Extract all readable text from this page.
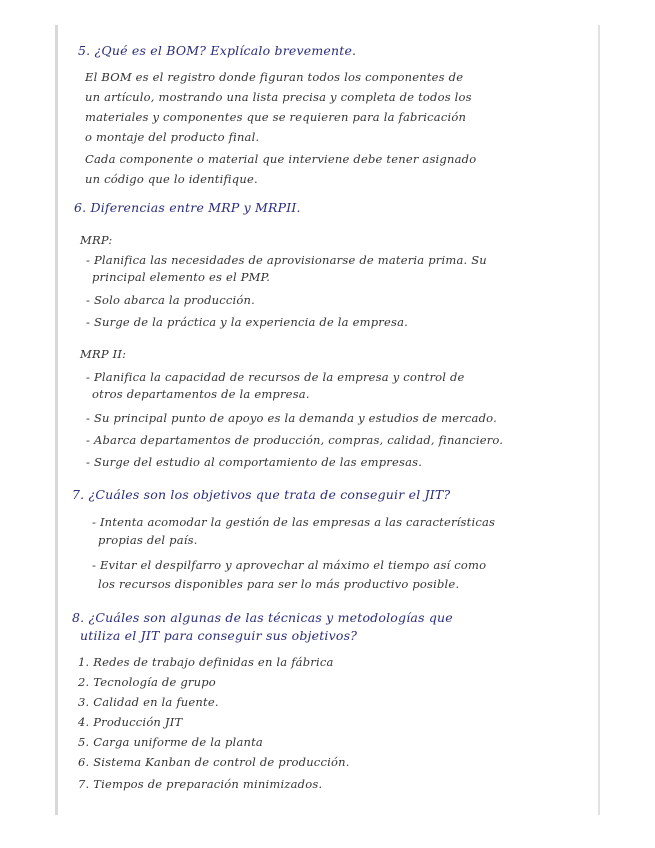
5. ¿Qué es el BOM? Explícalo brevemente.
El BOM es el registro donde figuran todos los componentes de
un artículo, mostrando una lista precisa y completa de todos los
materiales y componentes que se requieren para la fabricación
o montaje del producto final.
Cada componente o material que interviene debe tener asignado
un código que lo identifique.
6. Diferencias entre MRP y MRPII.
MRP:
- Planifica las necesidades de aprovisionarse de materia prima. Su
principal elemento es el PMP.
- Solo abarca la producción.
- Surge de la práctica y la experiencia de la empresa.
MRP II:
- Planifica la capacidad de recursos de la empresa y control de
otros departamentos de la empresa.
- Su principal punto de apoyo es la demanda y estudios de mercado.
- Abarca departamentos de producción, compras, calidad, financiero.
- Surge del estudio al comportamiento de las empresas.
7. ¿Cuáles son los objetivos que trata de conseguir el JIT?
- Intenta acomodar la gestión de las empresas a las características
propias del país.
- Evitar el despilfarro y aprovechar al máximo el tiempo así como
los recursos disponibles para ser lo más productivo posible.
8. ¿Cuáles son algunas de las técnicas y metodologías que
utiliza el JIT para conseguir sus objetivos?
1. Redes de trabajo definidas en la fábrica
2. Tecnología de grupo
3. Calidad en la fuente.
4. Producción JIT
5. Carga uniforme de la planta
6. Sistema Kanban de control de producción.
7. Tiempos de preparación minimizados.
